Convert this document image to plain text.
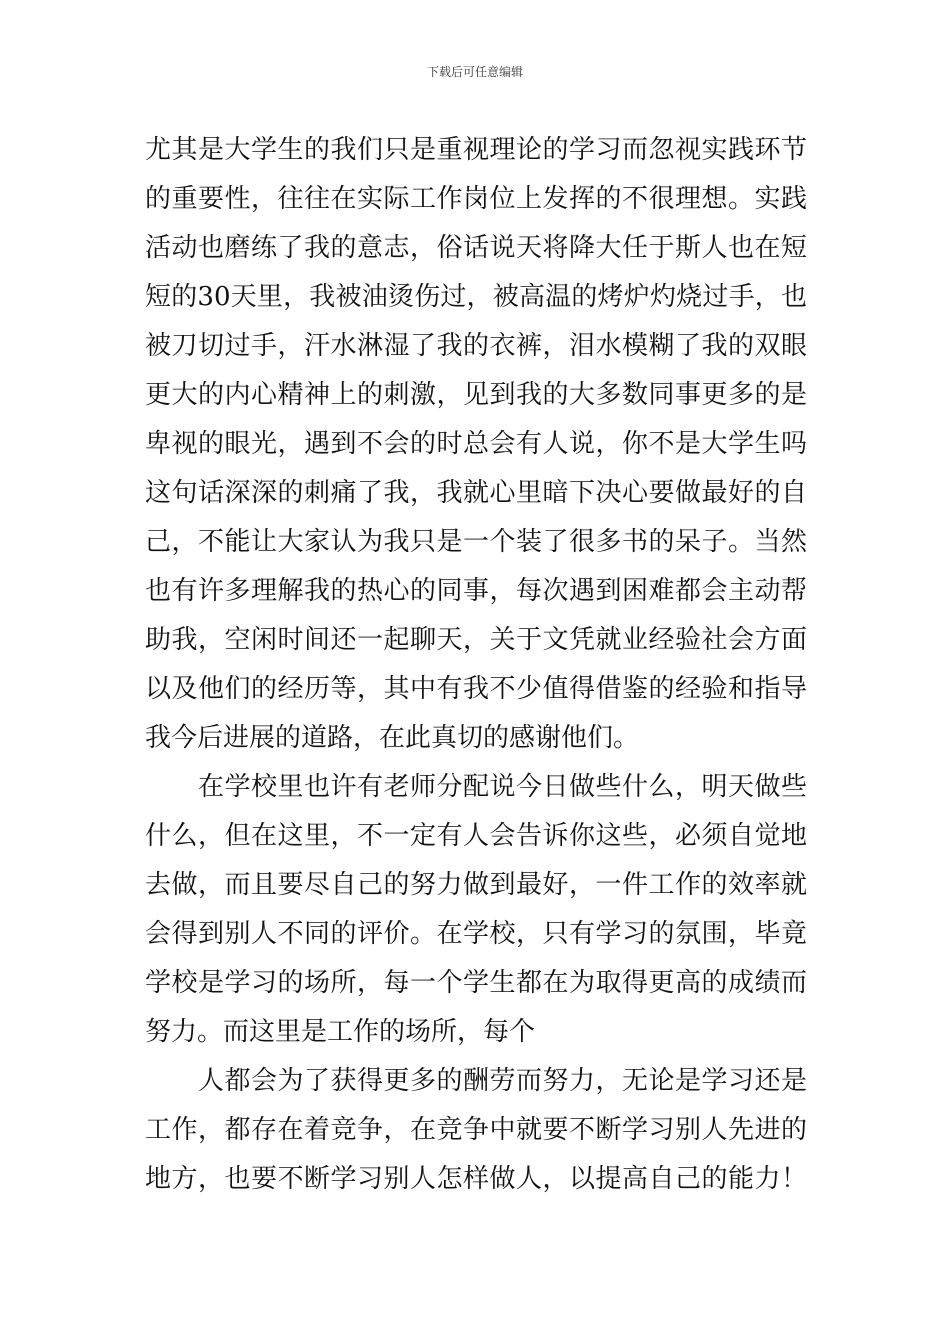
下载后可任意编辑
尤其是大学生的我们只是重视理论的学习而忽视实践环节
的重要性，往往在实际工作岗位上发挥的不很理想。实践
活动也磨练了我的意志，俗话说天将降大任于斯人也在短
短的30天里，我被油烫伤过，被高温的烤炉灼烧过手，也
被刀切过手，汗水淋湿了我的衣裤，泪水模糊了我的双眼
更大的内心精神上的刺激，见到我的大多数同事更多的是
卑视的眼光，遇到不会的时总会有人说，你不是大学生吗
这句话深深的刺痛了我，我就心里暗下决心要做最好的自
己，不能让大家认为我只是一个装了很多书的呆子。当然
也有许多理解我的热心的同事，每次遇到困难都会主动帮
助我，空闲时间还一起聊天，关于文凭就业经验社会方面
以及他们的经历等，其中有我不少值得借鉴的经验和指导
我今后进展的道路，在此真切的感谢他们。
在学校里也许有老师分配说今日做些什么，明天做些
什么，但在这里，不一定有人会告诉你这些，必须自觉地
去做，而且要尽自己的努力做到最好，一件工作的效率就
会得到别人不同的评价。在学校，只有学习的氛围，毕竟
学校是学习的场所，每一个学生都在为取得更高的成绩而
努力。而这里是工作的场所，每个
人都会为了获得更多的酬劳而努力，无论是学习还是
工作，都存在着竞争，在竞争中就要不断学习别人先进的
地方，也要不断学习别人怎样做人，以提高自己的能力！
